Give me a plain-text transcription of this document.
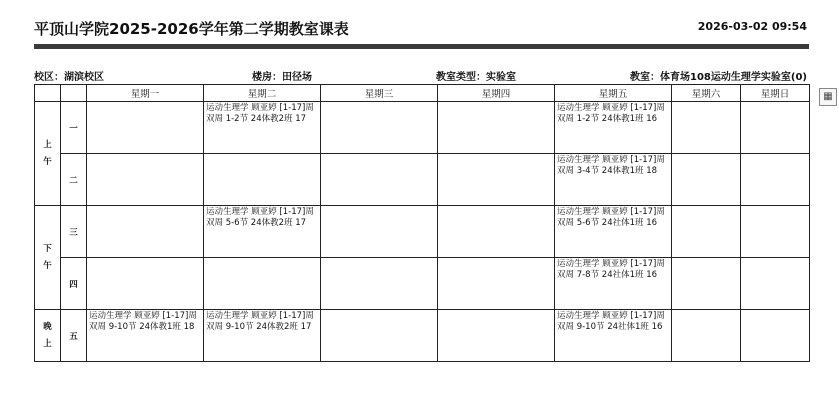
平顶山学院2025-2026学年第二学期教室课表	2026-03-02 09:54
校区：湖滨校区	楼房：田径场	教室类型：实验室	教室：体育场108运动生理学实验室(0)
▦
		星期一	星期二	星期三	星期四	星期五	星期六	星期日
上
午	一		运动生理学 顾亚婷 [1-17]周 双周 1-2节 24体教2班 17			运动生理学 顾亚婷 [1-17]周 双周 1-2节 24体教1班 16		

	二					运动生理学 顾亚婷 [1-17]周 双周 3-4节 24体教1班 18		

下
午	三		运动生理学 顾亚婷 [1-17]周 双周 5-6节 24体教2班 17			运动生理学 顾亚婷 [1-17]周 双周 5-6节 24社体1班 16		

	四					运动生理学 顾亚婷 [1-17]周 双周 7-8节 24社体1班 16		

晚
上	五	运动生理学 顾亚婷 [1-17]周 双周 9-10节 24体教1班 18	运动生理学 顾亚婷 [1-17]周 双周 9-10节 24体教2班 17			运动生理学 顾亚婷 [1-17]周 双周 9-10节 24社体1班 16		
